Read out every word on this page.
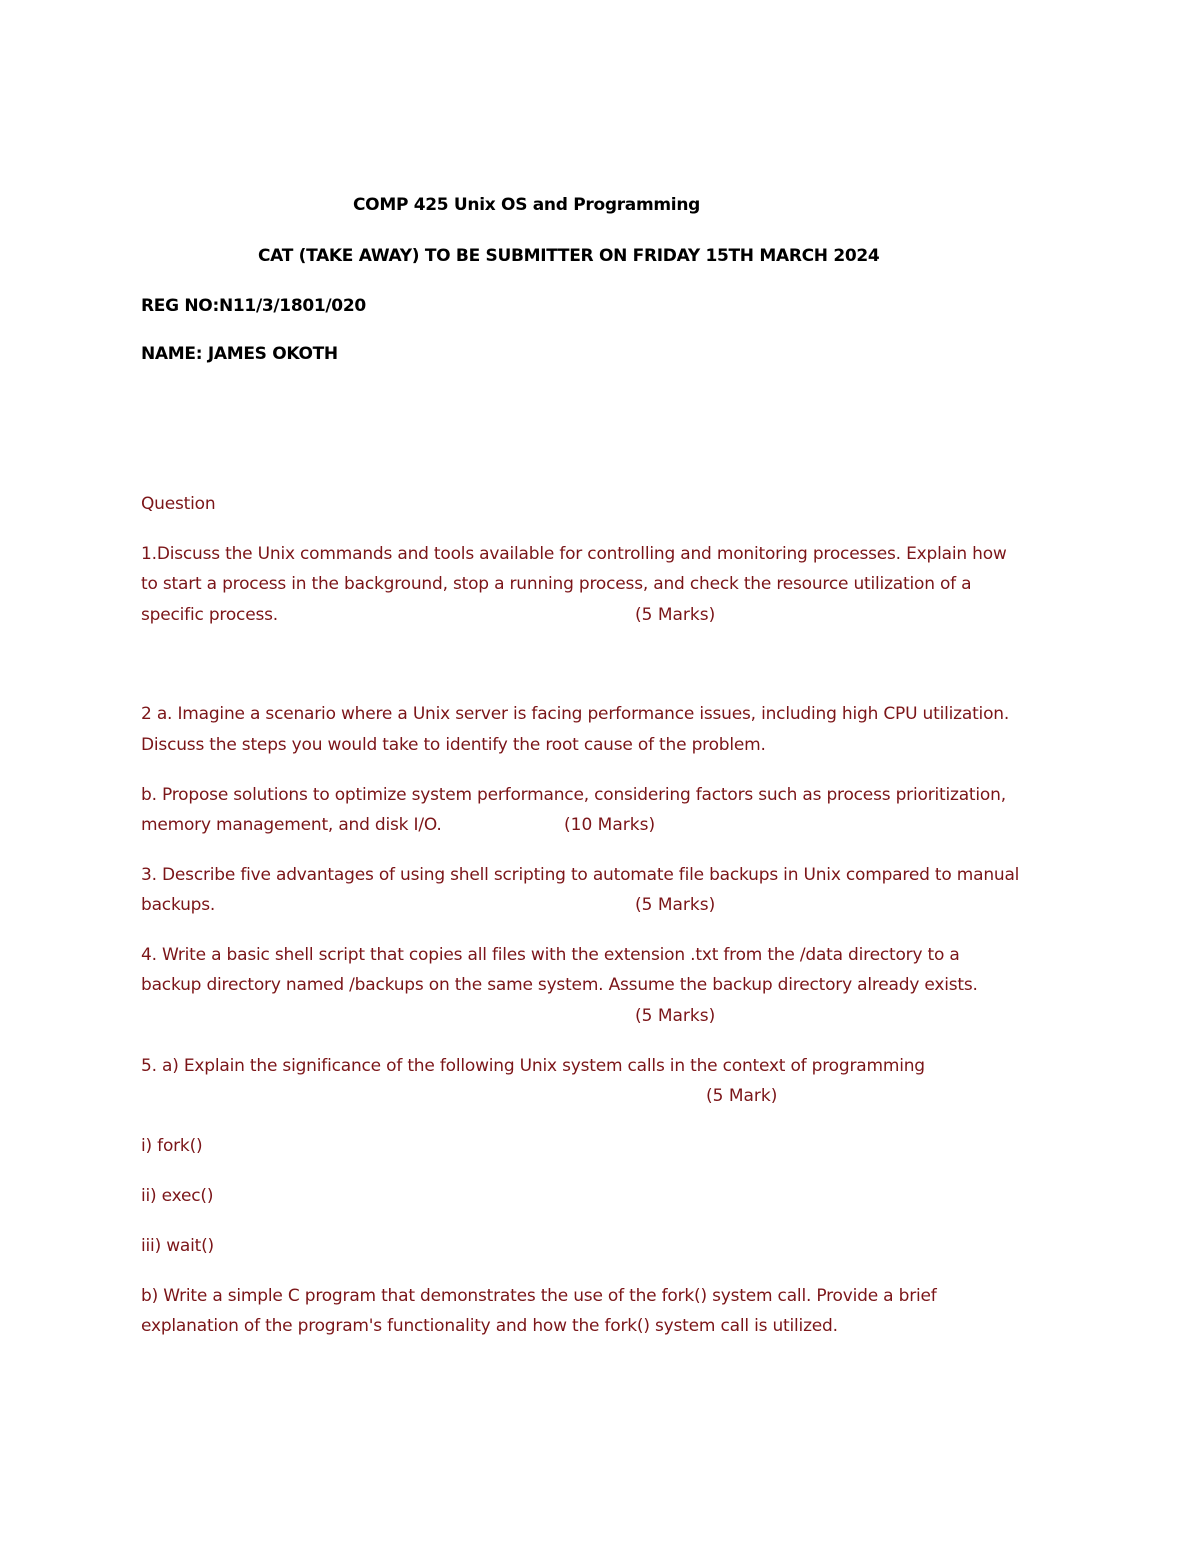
COMP 425 Unix OS and Programming
CAT (TAKE AWAY) TO BE SUBMITTER ON FRIDAY 15TH MARCH 2024
REG NO:N11/3/1801/020
NAME: JAMES OKOTH
Question
1.Discuss the Unix commands and tools available for controlling and monitoring processes. Explain how
to start a process in the background, stop a running process, and check the resource utilization of a
specific process.	(5 Marks)
2 a. Imagine a scenario where a Unix server is facing performance issues, including high CPU utilization.
Discuss the steps you would take to identify the root cause of the problem.
b. Propose solutions to optimize system performance, considering factors such as process prioritization,
memory management, and disk I/O.	(10 Marks)
3. Describe five advantages of using shell scripting to automate file backups in Unix compared to manual
backups.	(5 Marks)
4. Write a basic shell script that copies all files with the extension .txt from the /data directory to a
backup directory named /backups on the same system. Assume the backup directory already exists.
(5 Marks)
5. a) Explain the significance of the following Unix system calls in the context of programming
(5 Mark)
i) fork()
ii) exec()
iii) wait()
b) Write a simple C program that demonstrates the use of the fork() system call. Provide a brief
explanation of the program's functionality and how the fork() system call is utilized.
